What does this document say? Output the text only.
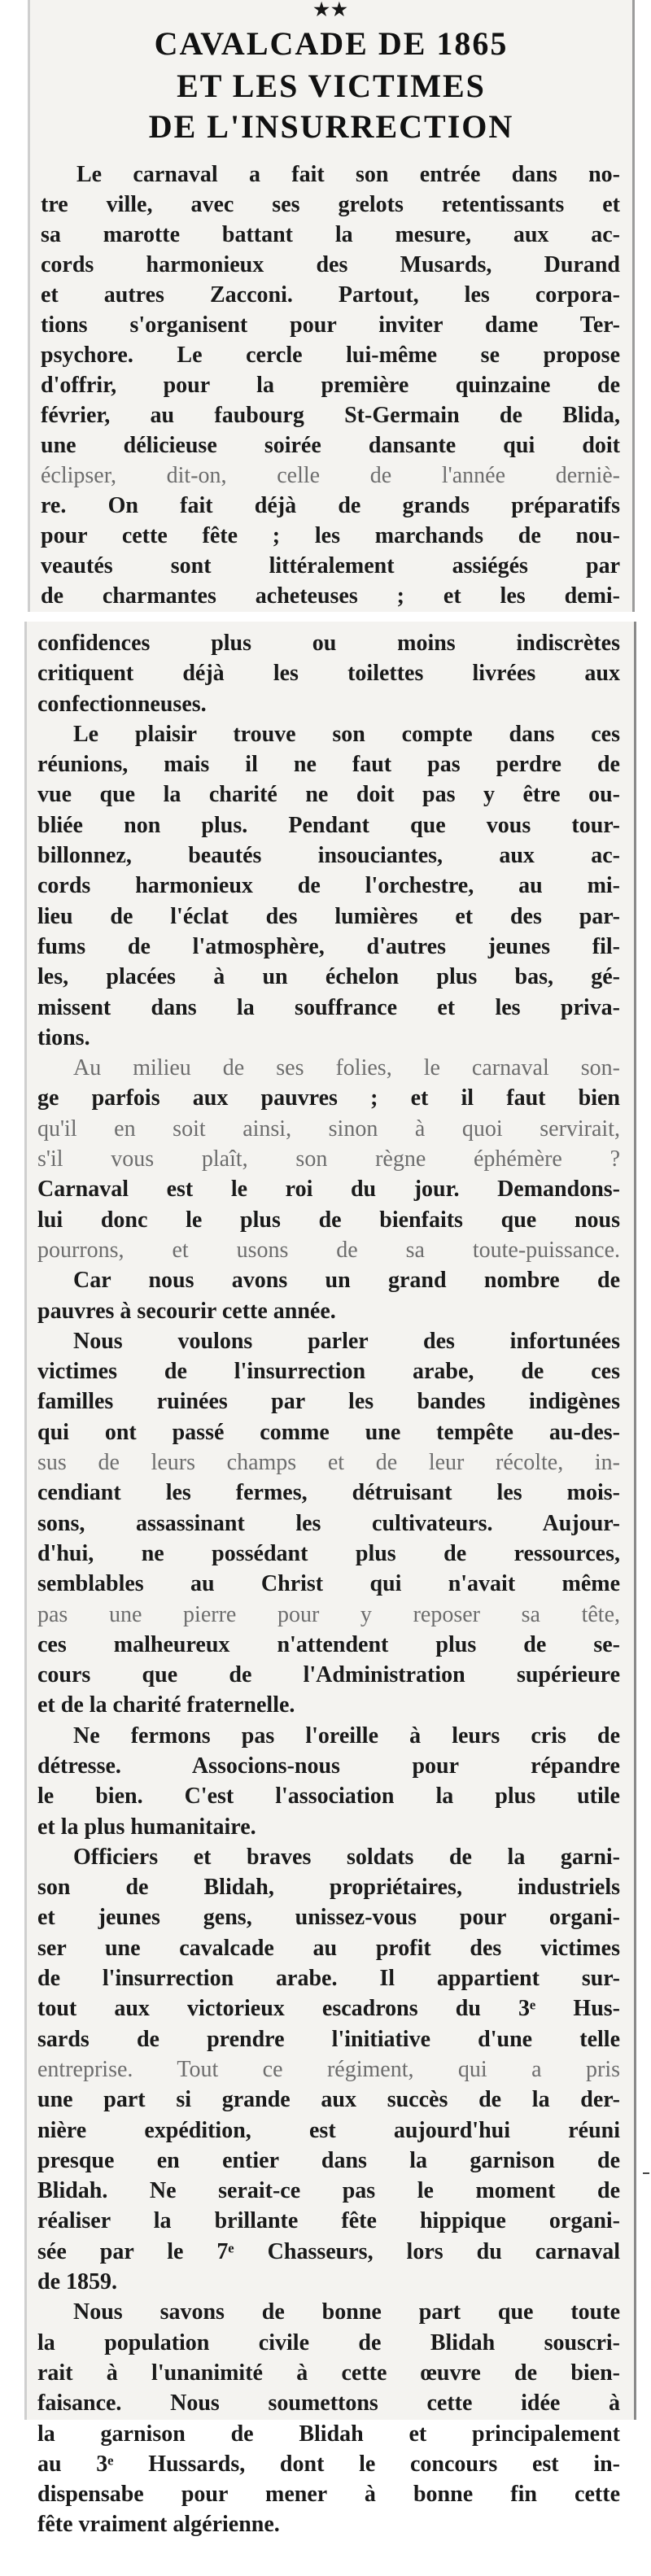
★★
CAVALCADE DE 1865
ET LES VICTIMES
DE L'INSURRECTION
Le carnaval a fait son entrée dans no-
tre ville, avec ses grelots retentissants et
sa marotte battant la mesure, aux ac-
cords harmonieux des Musards, Durand
et autres Zacconi. Partout, les corpora-
tions s'organisent pour inviter dame Ter-
psychore. Le cercle lui-même se propose
d'offrir, pour la première quinzaine de
février, au faubourg St-Germain de Blida,
une délicieuse soirée dansante qui doit
éclipser, dit-on, celle de l'année derniè-
re. On fait déjà de grands préparatifs
pour cette fête ; les marchands de nou-
veautés sont littéralement assiégés par
de charmantes acheteuses ; et les demi-
confidences plus ou moins indiscrètes
critiquent déjà les toilettes livrées aux
confectionneuses.
Le plaisir trouve son compte dans ces
réunions, mais il ne faut pas perdre de
vue que la charité ne doit pas y être ou-
bliée non plus. Pendant que vous tour-
billonnez, beautés insouciantes, aux ac-
cords harmonieux de l'orchestre, au mi-
lieu de l'éclat des lumières et des par-
fums de l'atmosphère, d'autres jeunes fil-
les, placées à un échelon plus bas, gé-
missent dans la souffrance et les priva-
tions.
Au milieu de ses folies, le carnaval son-
ge parfois aux pauvres ; et il faut bien
qu'il en soit ainsi, sinon à quoi servirait,
s'il vous plaît, son règne éphémère ?
Carnaval est le roi du jour. Demandons-
lui donc le plus de bienfaits que nous
pourrons, et usons de sa toute-puissance.
Car nous avons un grand nombre de
pauvres à secourir cette année.
Nous voulons parler des infortunées
victimes de l'insurrection arabe, de ces
familles ruinées par les bandes indigènes
qui ont passé comme une tempête au-des-
sus de leurs champs et de leur récolte, in-
cendiant les fermes, détruisant les mois-
sons, assassinant les cultivateurs. Aujour-
d'hui, ne possédant plus de ressources,
semblables au Christ qui n'avait même
pas une pierre pour y reposer sa tête,
ces malheureux n'attendent plus de se-
cours que de l'Administration supérieure
et de la charité fraternelle.
Ne fermons pas l'oreille à leurs cris de
détresse. Associons-nous pour répandre
le bien. C'est l'association la plus utile
et la plus humanitaire.
Officiers et braves soldats de la garni-
son de Blidah, propriétaires, industriels
et jeunes gens, unissez-vous pour organi-
ser une cavalcade au profit des victimes
de l'insurrection arabe. Il appartient sur-
tout aux victorieux escadrons du 3ᵉ Hus-
sards de prendre l'initiative d'une telle
entreprise. Tout ce régiment, qui a pris
une part si grande aux succès de la der-
nière expédition, est aujourd'hui réuni
presque en entier dans la garnison de
Blidah. Ne serait-ce pas le moment de
réaliser la brillante fête hippique organi-
sée par le 7ᵉ Chasseurs, lors du carnaval
de 1859.
Nous savons de bonne part que toute
la population civile de Blidah souscri-
rait à l'unanimité à cette œuvre de bien-
faisance. Nous soumettons cette idée à
la garnison de Blidah et principalement
au 3ᵉ Hussards, dont le concours est in-
dispensabe pour mener à bonne fin cette
fête vraiment algérienne.
